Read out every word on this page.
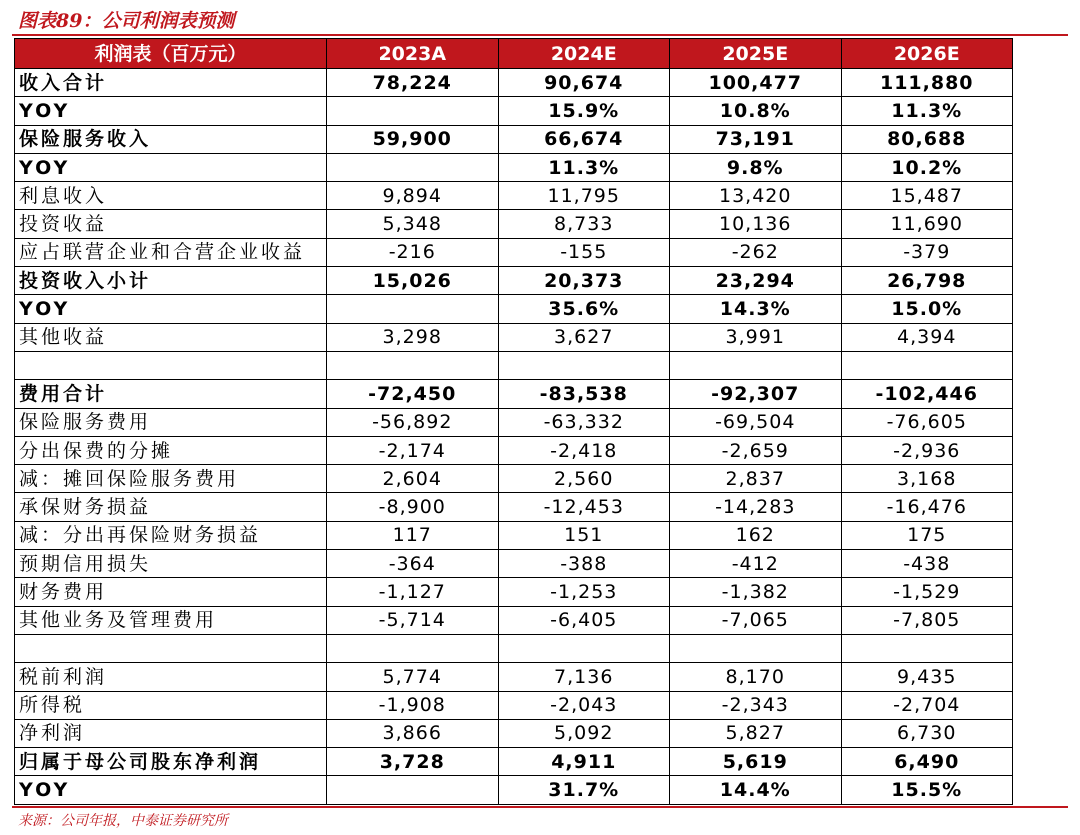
图表89：公司利润表预测
利润表（百万元）	2023A	2024E	2025E	2026E
收入合计	78,224	90,674	100,477	111,880
YOY		15.9%	10.8%	11.3%
保险服务收入	59,900	66,674	73,191	80,688
YOY		11.3%	9.8%	10.2%
利息收入	9,894	11,795	13,420	15,487
投资收益	5,348	8,733	10,136	11,690
应占联营企业和合营企业收益	-216	-155	-262	-379
投资收入小计	15,026	20,373	23,294	26,798
YOY		35.6%	14.3%	15.0%
其他收益	3,298	3,627	3,991	4,394

费用合计	-72,450	-83,538	-92,307	-102,446
保险服务费用	-56,892	-63,332	-69,504	-76,605
分出保费的分摊	-2,174	-2,418	-2,659	-2,936
减：摊回保险服务费用	2,604	2,560	2,837	3,168
承保财务损益	-8,900	-12,453	-14,283	-16,476
减：分出再保险财务损益	117	151	162	175
预期信用损失	-364	-388	-412	-438
财务费用	-1,127	-1,253	-1,382	-1,529
其他业务及管理费用	-5,714	-6,405	-7,065	-7,805

税前利润	5,774	7,136	8,170	9,435
所得税	-1,908	-2,043	-2,343	-2,704
净利润	3,866	5,092	5,827	6,730
归属于母公司股东净利润	3,728	4,911	5,619	6,490
YOY		31.7%	14.4%	15.5%
来源：公司年报，中泰证券研究所
